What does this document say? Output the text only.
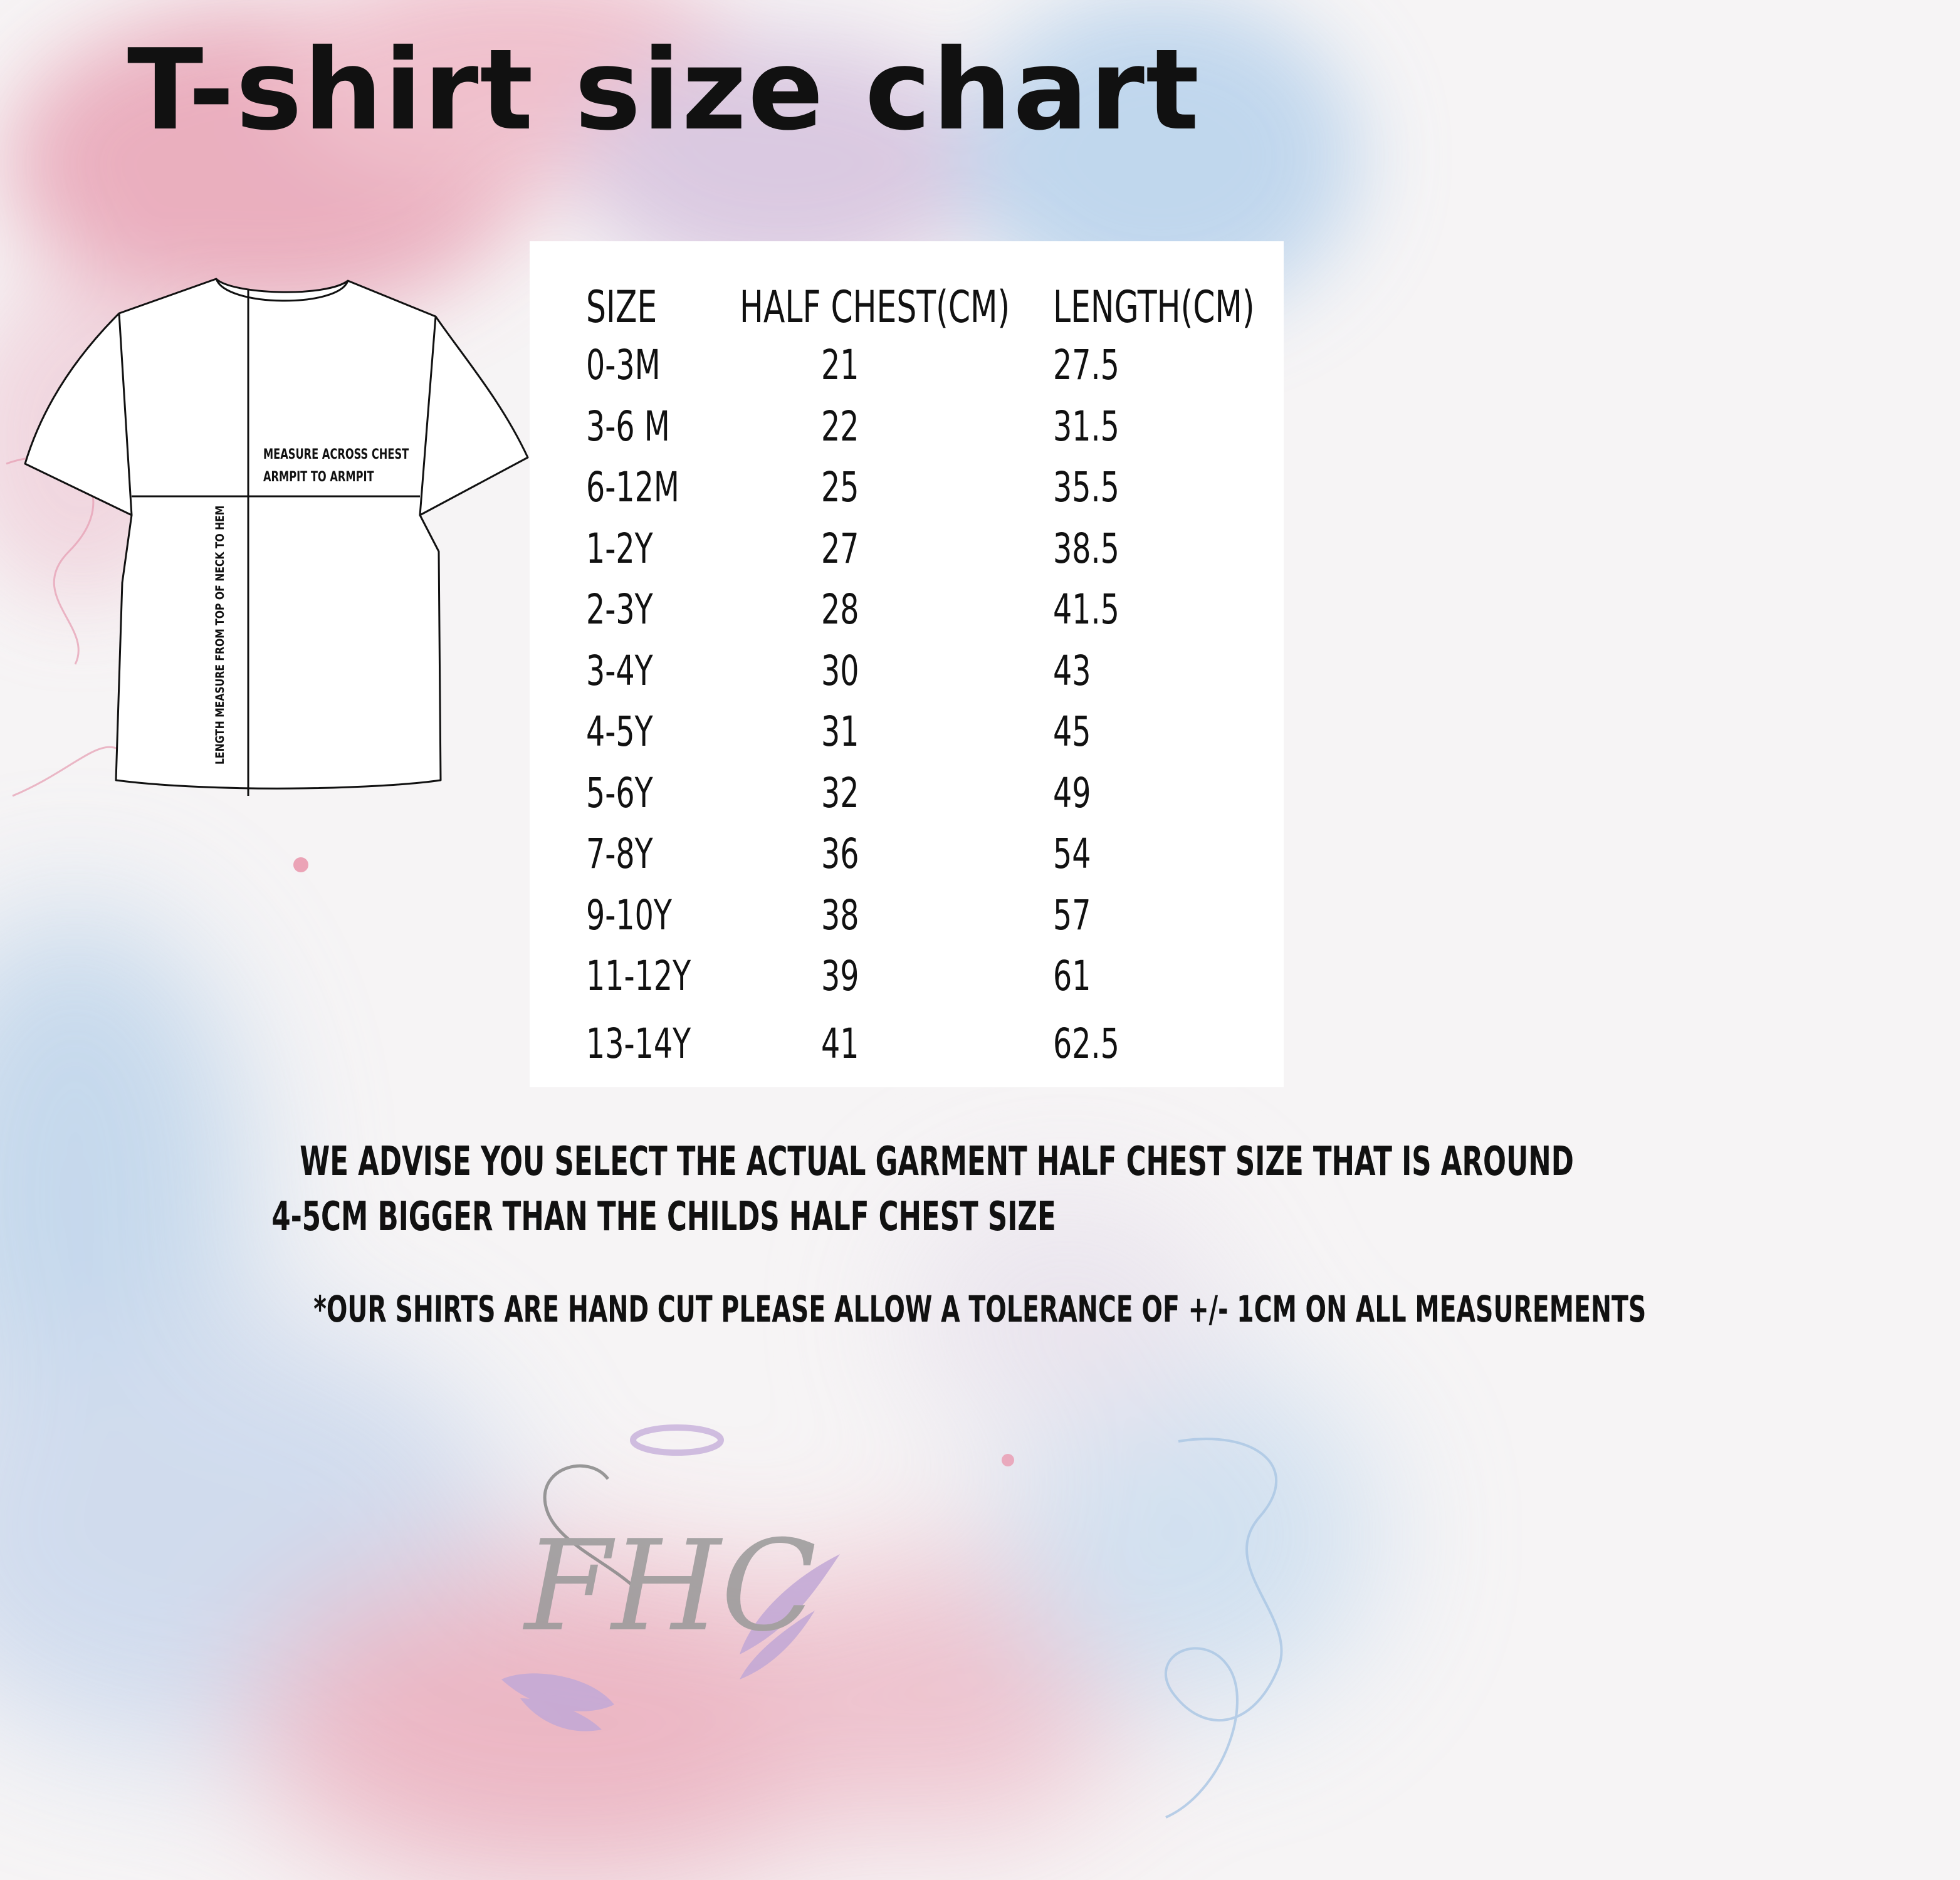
T-shirt size chart
MEASURE ACROSS CHEST
ARMPIT TO ARMPIT
LENGTH MEASURE FROM TOP OF NECK TO HEM
SIZE HALF CHEST(CM) LENGTH(CM)
0-3M	21	27.5
3-6 M	22	31.5
6-12M	25	35.5
1-2Y	27	38.5
2-3Y	28	41.5
3-4Y	30	43
4-5Y	31	45
5-6Y	32	49
7-8Y	36	54
9-10Y	38	57
11-12Y	39	61
13-14Y	41	62.5
WE ADVISE YOU SELECT THE ACTUAL GARMENT HALF CHEST SIZE THAT IS AROUND
4-5CM BIGGER THAN THE CHILDS HALF CHEST SIZE
*OUR SHIRTS ARE HAND CUT PLEASE ALLOW A TOLERANCE OF +/- 1CM ON ALL MEASUREMENTS
FHC
